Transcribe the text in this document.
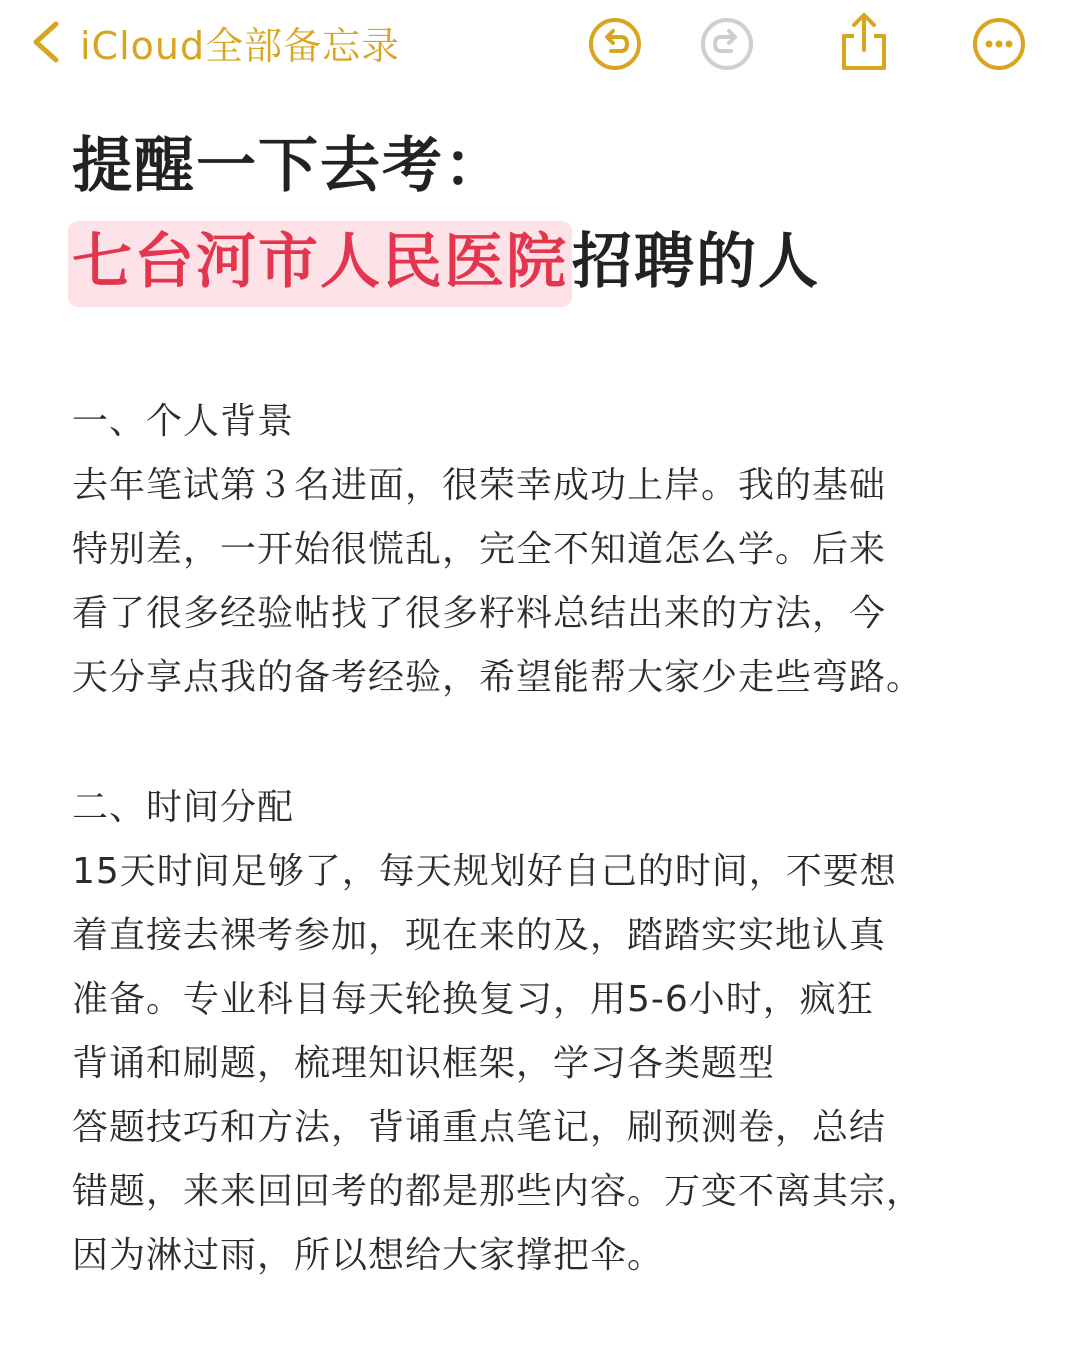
iCloud全部备忘录
提醒一下去考：
七台河市人民医院招聘的人
一、个人背景
去年笔试第３名进面，很荣幸成功上岸。我的基础
特别差，一开始很慌乱，完全不知道怎么学。后来
看了很多经验帖找了很多籽料总结出来的方法，今
天分享点我的备考经验，希望能帮大家少走些弯路。
二、时间分配
15天时间足够了，每天规划好自己的时间，不要想
着直接去裸考参加，现在来的及，踏踏实实地认真
准备。专业科目每天轮换复习，用5-6小时，疯狂
背诵和刷题，梳理知识框架，学习各类题型
答题技巧和方法，背诵重点笔记，刷预测卷，总结
错题，来来回回考的都是那些内容。万变不离其宗，
因为淋过雨，所以想给大家撑把伞。
